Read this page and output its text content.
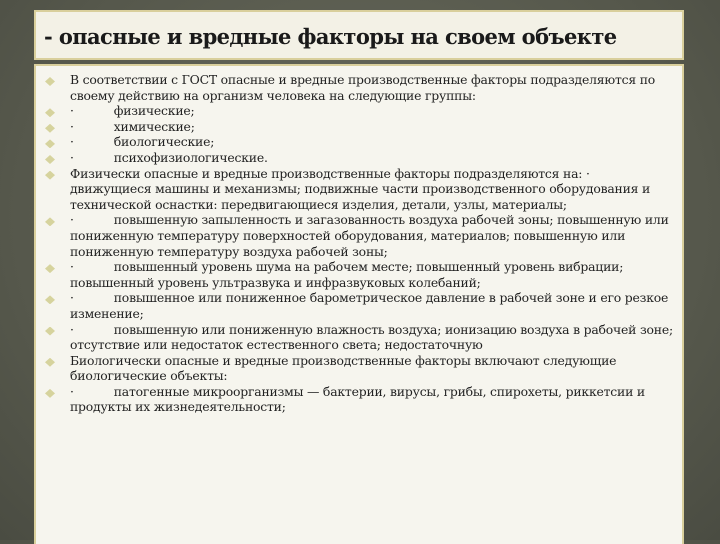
- опасные и вредные факторы на своем объекте
В соответствии с ГОСТ опасные и вредные производственные факторы подразделяются по своему действию на организм человека на следующие группы:
·	физические;
·	химические;
·	биологические;
·	психофизиологические.
Физически опасные и вредные производственные факторы подразделяются на: · движущиеся машины и механизмы; подвижные части производственного оборудования и технической оснастки: передвигающиеся изделия, детали, узлы, материалы;
·	повышенную запыленность и загазованность воздуха рабочей зоны; повышенную или пониженную температуру поверхностей оборудования, материалов; повышенную или пониженную температуру воздуха рабочей зоны;
·	повышенный уровень шума на рабочем месте; повышенный уровень вибрации; повышенный уровень ультразвука и инфразвуковых колебаний;
·	повышенное или пониженное барометрическое давление в рабочей зоне и его резкое изменение;
·	повышенную или пониженную влажность воздуха; ионизацию воздуха в рабочей зоне; отсутствие или недостаток естественного света; недостаточную
Биологически опасные и вредные производственные факторы включают следующие биологические объекты:
·	патогенные микроорганизмы — бактерии, вирусы, грибы, спирохеты, риккетсии и продукты их жизнедеятельности;
